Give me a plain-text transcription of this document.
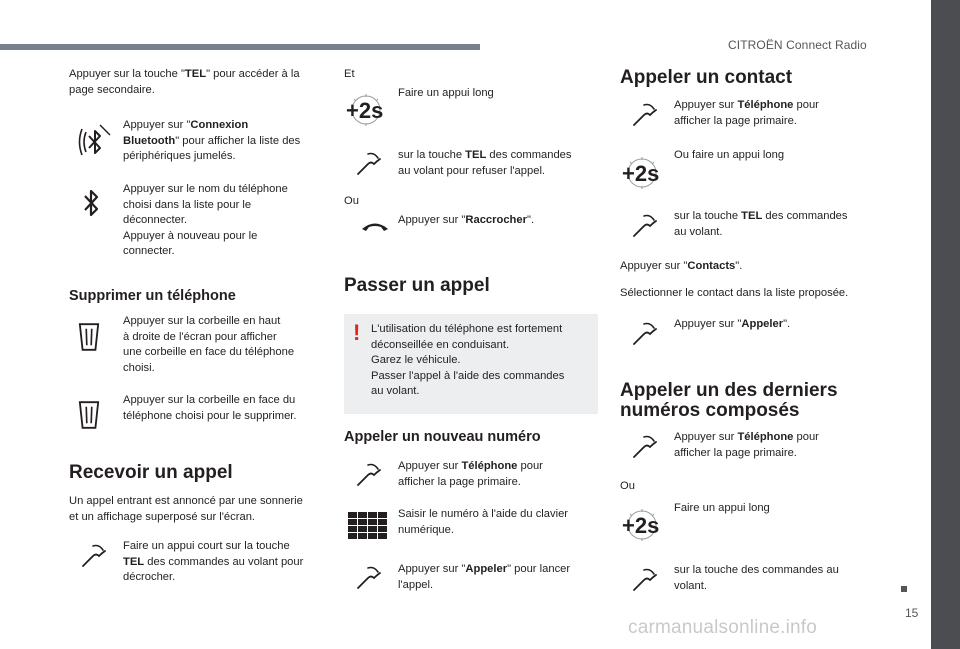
CITROËN Connect Radio
15
carmanualsonline.info
Appuyer sur la touche "TEL" pour accéder à la
page secondaire.
Appuyer sur "Connexion
Bluetooth" pour afficher la liste des
périphériques jumelés.
Appuyer sur le nom du téléphone
choisi dans la liste pour le
déconnecter.
Appuyer à nouveau pour le
connecter.
Supprimer un téléphone
Appuyer sur la corbeille en haut
à droite de l'écran pour afficher
une corbeille en face du téléphone
choisi.
Appuyer sur la corbeille en face du
téléphone choisi pour le supprimer.
Recevoir un appel
Un appel entrant est annoncé par une sonnerie
et un affichage superposé sur l'écran.
Faire un appui court sur la touche
TEL des commandes au volant pour
décrocher.
Et
Faire un appui long
sur la touche TEL des commandes
au volant pour refuser l'appel.
Ou
Appuyer sur "Raccrocher".
Passer un appel
! L'utilisation du téléphone est fortement
déconseillée en conduisant.
Garez le véhicule.
Passer l'appel à l'aide des commandes
au volant.
Appeler un nouveau numéro
Appuyer sur Téléphone pour
afficher la page primaire.
Saisir le numéro à l'aide du clavier
numérique.
Appuyer sur "Appeler" pour lancer
l'appel.
Appeler un contact
Appuyer sur Téléphone pour
afficher la page primaire.
Ou faire un appui long
sur la touche TEL des commandes
au volant.
Appuyer sur "Contacts".
Sélectionner le contact dans la liste proposée.
Appuyer sur "Appeler".
Appeler un des derniers
numéros composés
Appuyer sur Téléphone pour
afficher la page primaire.
Ou
Faire un appui long
sur la touche des commandes au
volant.
